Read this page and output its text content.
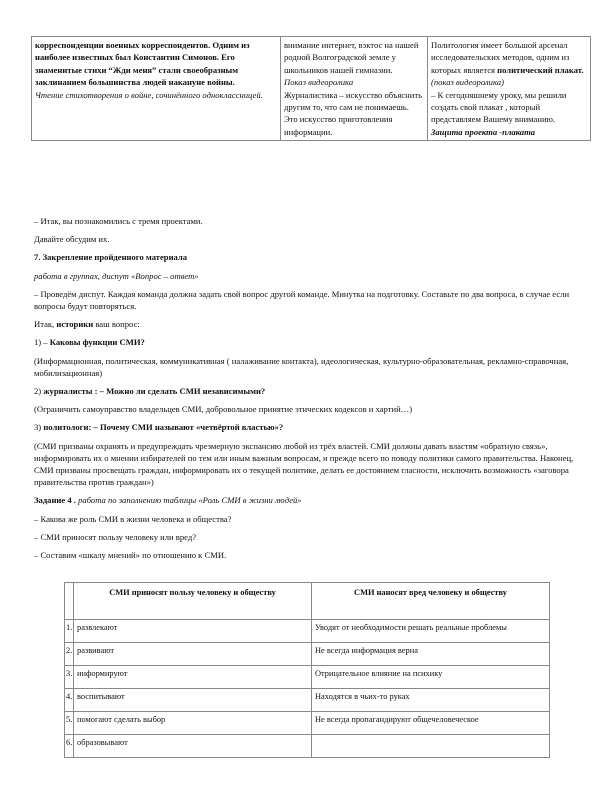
корреспонденции военных корреспондентов. Одним из наиболее известных был Константин Симонов. Его знаменитые стихи “Жди меня” стали своеобразным заклинанием большинства людей накануне войны.
Чтение стихотворения о войне, сочинённого одноклассницей.	внимание интернет, вэктос на нашей родной Волгоградской земле у школьников нашей гимназии.
Показ видеоролика
Журналистика – искусство объяснить другим то, что сам не понимаешь.
Это искусство приготовления информации.	Политология имеет большой арсенал исследовательских методов, одним из которых является политический плакат.
(показ видеоролика)
– К сегодняшнему уроку, мы решили создать свой плакат , который представляем Вашему вниманию.
Защита проекта -плаката

– Итак, вы познакомились с тремя проектами.

Давайте обсудим их.

7. Закрепление пройденного материала

работа в группах, диспут «Вопрос – ответ»

– Проведём диспут. Каждая команда должна задать свой вопрос другой команде. Минутка на подготовку. Составьте по два вопроса, в случае если вопросы будут повторяться.

Итак, историки ваш вопрос:

1) – Каковы функции СМИ?

(Информационная, политическая, коммуникативная ( налаживание контакта), идеологическая, культурно-образовательная, рекламно-справочная, мобилизационная)

2) журналисты : – Можно ли сделать СМИ независимыми?

(Ограничить самоуправство владельцев СМИ, добровольное принятие этических кодексов и хартий…)

3) политологи: – Почему СМИ называют «четвёртой властью»?

(СМИ призваны охранять и предупреждать чрезмерную экспансию любой из трёх властей. СМИ должны давать властям «обратную связь», информировать их о мнении избирателей по тем или иным важным вопросам, и прежде всего по поводу политики самого правительства. Наконец, СМИ призваны просвещать граждан, информировать их о текущей политике, делать ее достоянием гласности, исключить возможность «заговора правительства против граждан»)

Задание 4 . работа по заполнению таблицы «Роль СМИ в жизни людей»

– Какова же роль СМИ в жизни человека и общества?

– СМИ приносят пользу человеку или вред?

– Составим «шкалу мнений» по отношению к СМИ.

	СМИ приносят пользу человеку и обществу	СМИ наносят вред человеку и обществу
1.	развлекают	Уводят от необходимости решать реальные проблемы
2.	развивают	Не всегда информация верна
3.	информируют	Отрицательное влияние на психику
4.	воспитывают	Находятся в чьих-то руках
5.	помогают сделать выбор	Не всегда пропагандируют общечеловеческое
6.	образовывают	
